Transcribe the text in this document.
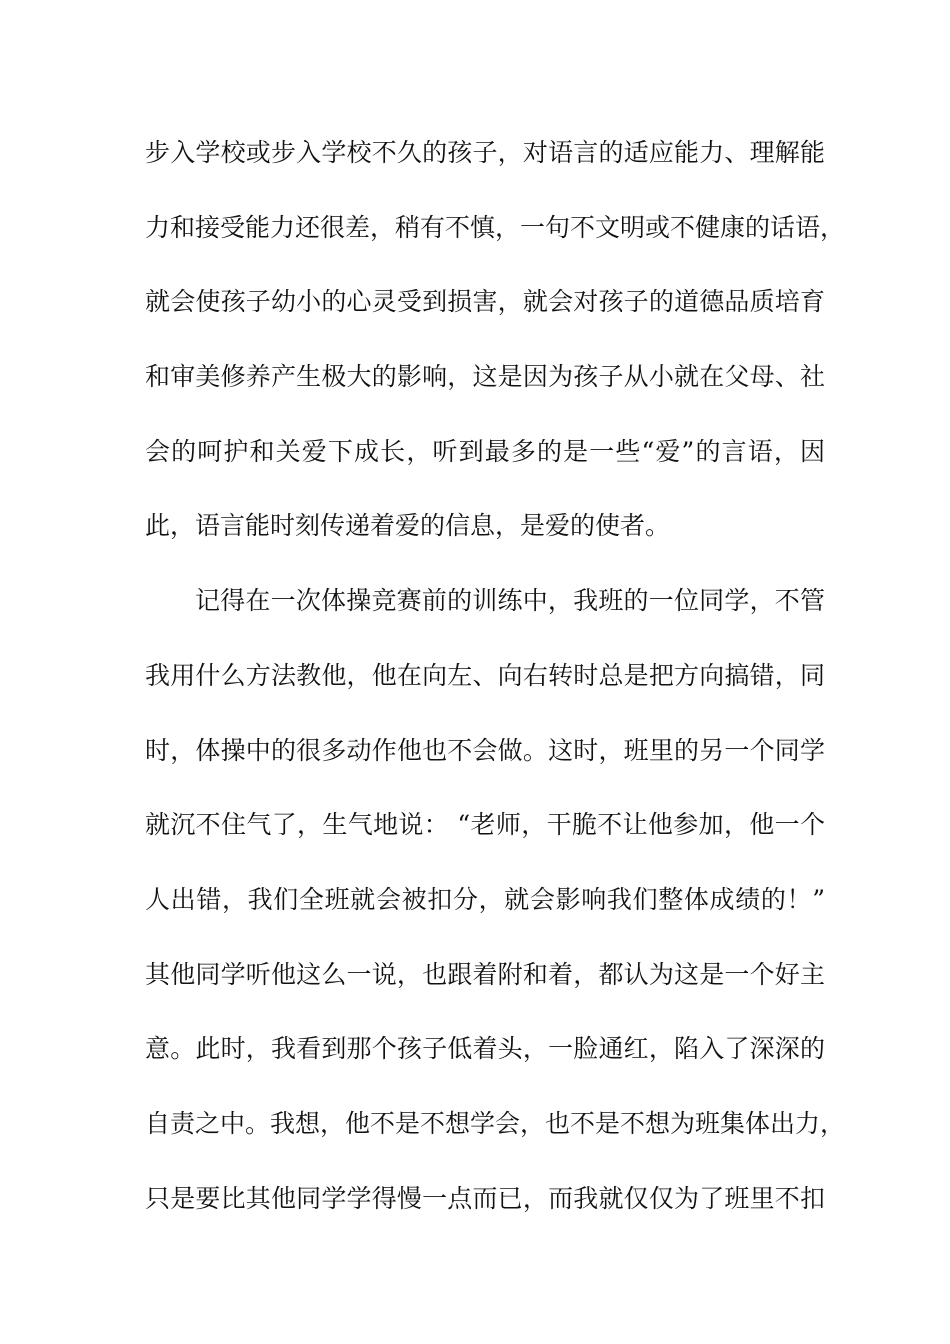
步入学校或步入学校不久的孩子，对语言的适应能力、理解能
力和接受能力还很差，稍有不慎，一句不文明或不健康的话语，
就会使孩子幼小的心灵受到损害，就会对孩子的道德品质培育
和审美修养产生极大的影响，这是因为孩子从小就在父母、社
会的呵护和关爱下成长，听到最多的是一些“爱”的言语，因
此，语言能时刻传递着爱的信息，是爱的使者。
记得在一次体操竞赛前的训练中，我班的一位同学，不管
我用什么方法教他，他在向左、向右转时总是把方向搞错，同
时，体操中的很多动作他也不会做。这时，班里的另一个同学
就沉不住气了，生气地说： “老师，干脆不让他参加，他一个
人出错，我们全班就会被扣分，就会影响我们整体成绩的！”
其他同学听他这么一说，也跟着附和着，都认为这是一个好主
意。此时，我看到那个孩子低着头，一脸通红，陷入了深深的
自责之中。我想，他不是不想学会，也不是不想为班集体出力，
只是要比其他同学学得慢一点而已，而我就仅仅为了班里不扣
